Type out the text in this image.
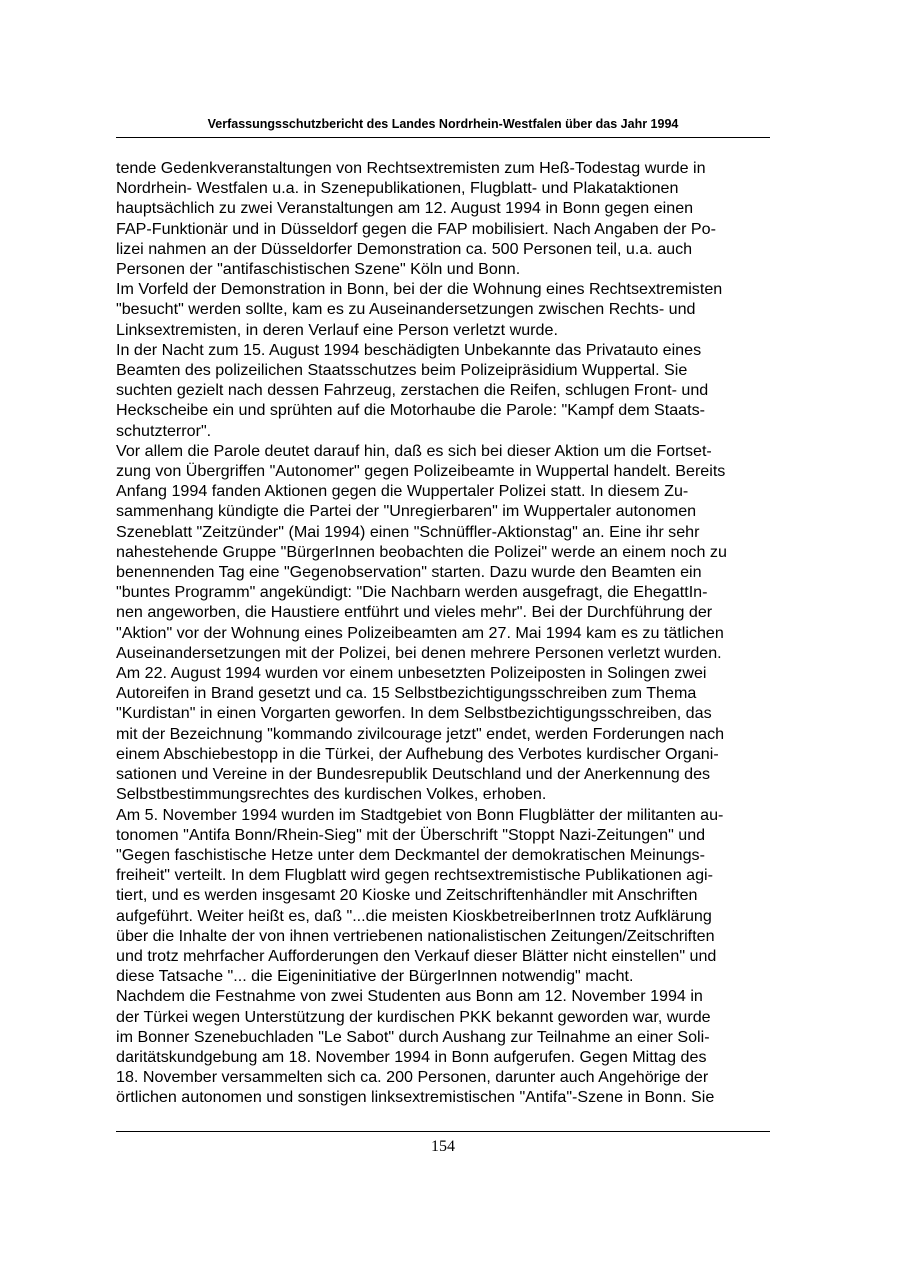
Verfassungsschutzbericht des Landes Nordrhein-Westfalen über das Jahr 1994
tende Gedenkveranstaltungen von Rechtsextremisten zum Heß-Todestag wurde in
Nordrhein- Westfalen u.a. in Szenepublikationen, Flugblatt- und Plakataktionen
hauptsächlich zu zwei Veranstaltungen am 12. August 1994 in Bonn gegen einen
FAP-Funktionär und in Düsseldorf gegen die FAP mobilisiert. Nach Angaben der Po-
lizei nahmen an der Düsseldorfer Demonstration ca. 500 Personen teil, u.a. auch
Personen der "antifaschistischen Szene" Köln und Bonn.
Im Vorfeld der Demonstration in Bonn, bei der die Wohnung eines Rechtsextremisten
"besucht" werden sollte, kam es zu Auseinandersetzungen zwischen Rechts- und
Linksextremisten, in deren Verlauf eine Person verletzt wurde.
In der Nacht zum 15. August 1994 beschädigten Unbekannte das Privatauto eines
Beamten des polizeilichen Staatsschutzes beim Polizeipräsidium Wuppertal. Sie
suchten gezielt nach dessen Fahrzeug, zerstachen die Reifen, schlugen Front- und
Heckscheibe ein und sprühten auf die Motorhaube die Parole: "Kampf dem Staats-
schutzterror".
Vor allem die Parole deutet darauf hin, daß es sich bei dieser Aktion um die Fortset-
zung von Übergriffen "Autonomer" gegen Polizeibeamte in Wuppertal handelt. Bereits
Anfang 1994 fanden Aktionen gegen die Wuppertaler Polizei statt. In diesem Zu-
sammenhang kündigte die Partei der "Unregierbaren" im Wuppertaler autonomen
Szeneblatt "Zeitzünder" (Mai 1994) einen "Schnüffler-Aktionstag" an. Eine ihr sehr
nahestehende Gruppe "BürgerInnen beobachten die Polizei" werde an einem noch zu
benennenden Tag eine "Gegenobservation" starten. Dazu wurde den Beamten ein
"buntes Programm" angekündigt: "Die Nachbarn werden ausgefragt, die EhegattIn-
nen angeworben, die Haustiere entführt und vieles mehr". Bei der Durchführung der
"Aktion" vor der Wohnung eines Polizeibeamten am 27. Mai 1994 kam es zu tätlichen
Auseinandersetzungen mit der Polizei, bei denen mehrere Personen verletzt wurden.
Am 22. August 1994 wurden vor einem unbesetzten Polizeiposten in Solingen zwei
Autoreifen in Brand gesetzt und ca. 15 Selbstbezichtigungsschreiben zum Thema
"Kurdistan" in einen Vorgarten geworfen. In dem Selbstbezichtigungsschreiben, das
mit der Bezeichnung "kommando zivilcourage jetzt" endet, werden Forderungen nach
einem Abschiebestopp in die Türkei, der Aufhebung des Verbotes kurdischer Organi-
sationen und Vereine in der Bundesrepublik Deutschland und der Anerkennung des
Selbstbestimmungsrechtes des kurdischen Volkes, erhoben.
Am 5. November 1994 wurden im Stadtgebiet von Bonn Flugblätter der militanten au-
tonomen "Antifa Bonn/Rhein-Sieg" mit der Überschrift "Stoppt Nazi-Zeitungen" und
"Gegen faschistische Hetze unter dem Deckmantel der demokratischen Meinungs-
freiheit" verteilt. In dem Flugblatt wird gegen rechtsextremistische Publikationen agi-
tiert, und es werden insgesamt 20 Kioske und Zeitschriftenhändler mit Anschriften
aufgeführt. Weiter heißt es, daß "...die meisten KioskbetreiberInnen trotz Aufklärung
über die Inhalte der von ihnen vertriebenen nationalistischen Zeitungen/Zeitschriften
und trotz mehrfacher Aufforderungen den Verkauf dieser Blätter nicht einstellen" und
diese Tatsache "... die Eigeninitiative der BürgerInnen notwendig" macht.
Nachdem die Festnahme von zwei Studenten aus Bonn am 12. November 1994 in
der Türkei wegen Unterstützung der kurdischen PKK bekannt geworden war, wurde
im Bonner Szenebuchladen "Le Sabot" durch Aushang zur Teilnahme an einer Soli-
daritätskundgebung am 18. November 1994 in Bonn aufgerufen. Gegen Mittag des
18. November versammelten sich ca. 200 Personen, darunter auch Angehörige der
örtlichen autonomen und sonstigen linksextremistischen "Antifa"-Szene in Bonn. Sie
154
